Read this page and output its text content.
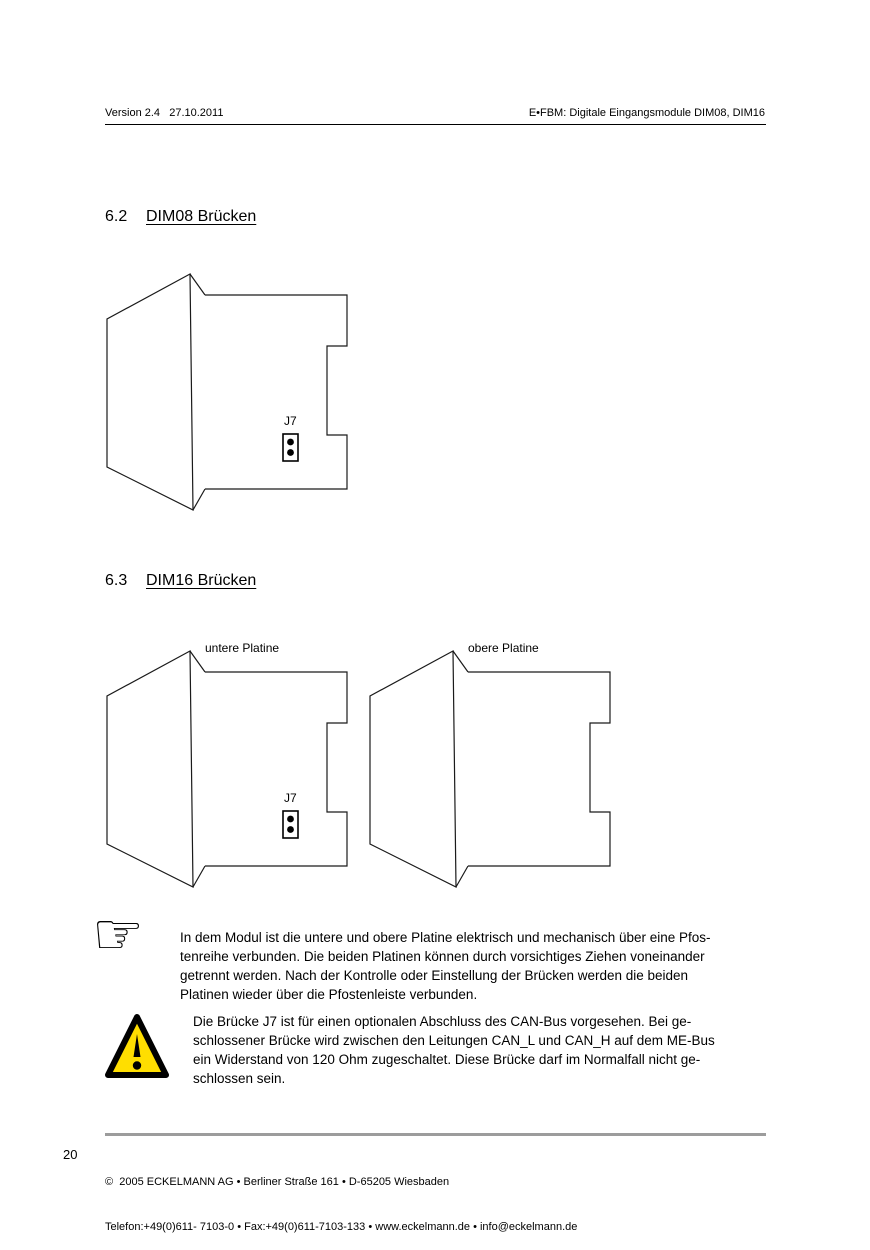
Version 2.4   27.10.2011	E•FBM: Digitale Eingangsmodule DIM08, DIM16
6.2 DIM08 Brücken
J7
6.3 DIM16 Brücken
untere Platine
J7
obere Platine
☞	In dem Modul ist die untere und obere Platine elektrisch und mechanisch über eine Pfos-
tenreihe verbunden. Die beiden Platinen können durch vorsichtiges Ziehen voneinander
getrennt werden. Nach der Kontrolle oder Einstellung der Brücken werden die beiden
Platinen wieder über die Pfostenleiste verbunden.
Die Brücke J7 ist für einen optionalen Abschluss des CAN-Bus vorgesehen. Bei ge-
schlossener Brücke wird zwischen den Leitungen CAN_L und CAN_H auf dem ME-Bus
ein Widerstand von 120 Ohm zugeschaltet. Diese Brücke darf im Normalfall nicht ge-
schlossen sein.
20

©  2005 ECKELMANN AG • Berliner Straße 161 • D-65205 Wiesbaden

Telefon:+49(0)611- 7103-0 • Fax:+49(0)611-7103-133 • www.eckelmann.de • info@eckelmann.de
